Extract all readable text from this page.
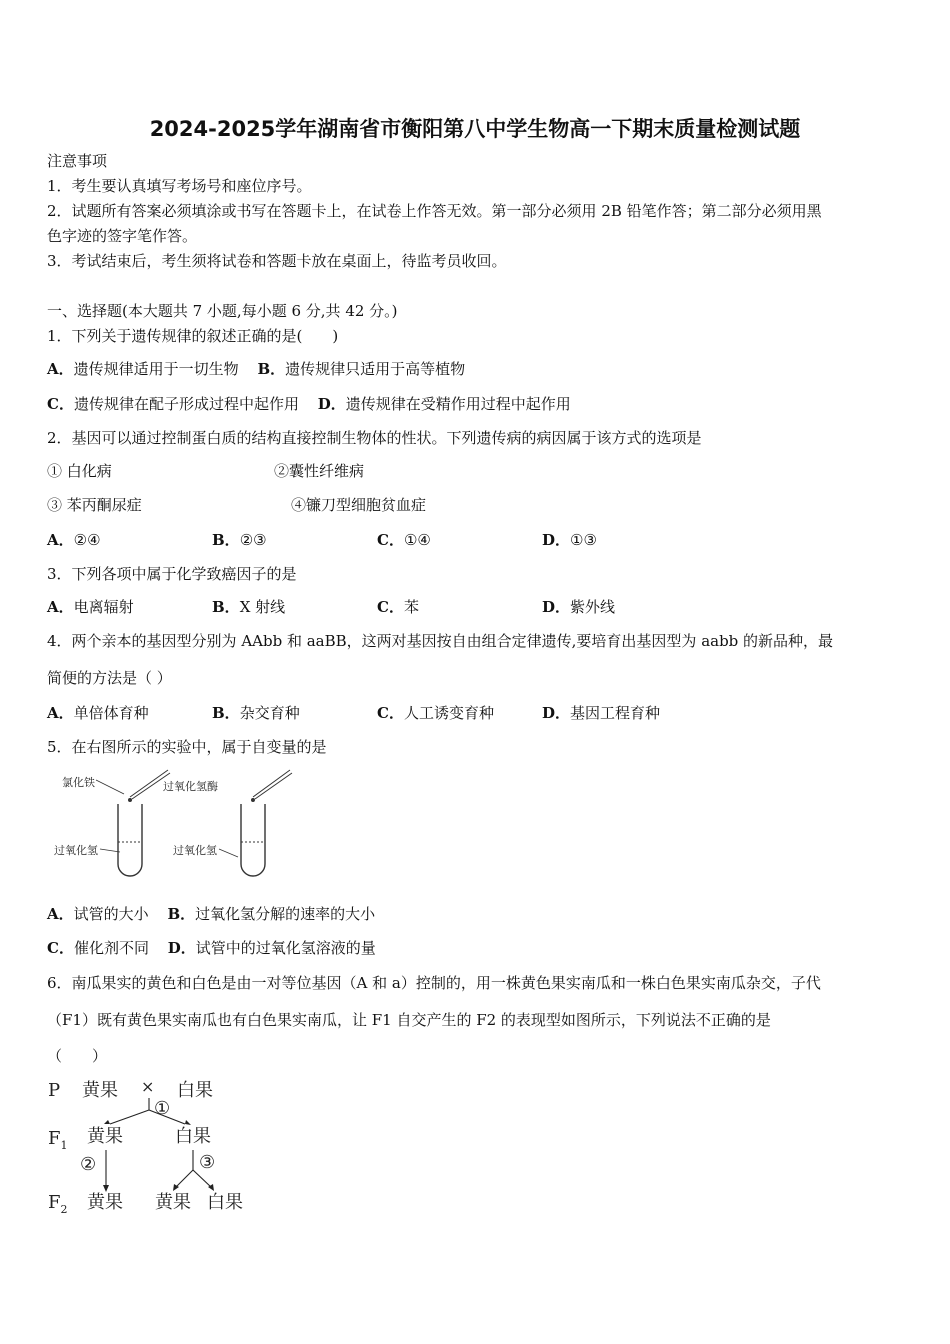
2024-2025学年湖南省市衡阳第八中学生物高一下期末质量检测试题
注意事项
1．考生要认真填写考场号和座位序号。
2．试题所有答案必须填涂或书写在答题卡上，在试卷上作答无效。第一部分必须用 2B 铅笔作答；第二部分必须用黑
色字迹的签字笔作答。
3．考试结束后，考生须将试卷和答题卡放在桌面上，待监考员收回。
一、选择题(本大题共 7 小题,每小题 6 分,共 42 分。)
1．下列关于遗传规律的叙述正确的是(　　)
A．遗传规律适用于一切生物 B．遗传规律只适用于高等植物
C．遗传规律在配子形成过程中起作用 D．遗传规律在受精作用过程中起作用
2．基因可以通过控制蛋白质的结构直接控制生物体的性状。下列遗传病的病因属于该方式的选项是
① 白化病	②囊性纤维病
③ 苯丙酮尿症	④镰刀型细胞贫血症
A．②④	B．②③	C．①④	D．①③
3．下列各项中属于化学致癌因子的是
A．电离辐射	B．X 射线	C．苯	D．紫外线
4．两个亲本的基因型分别为 AAbb 和 aaBB，这两对基因按自由组合定律遗传,要培育出基因型为 aabb 的新品种，最
简便的方法是（ ）
A．单倍体育种	B．杂交育种	C．人工诱变育种	D．基因工程育种
5．在右图所示的实验中，属于自变量的是
氯化铁	过氧化氢酶
过氧化氢	过氧化氢
A．试管的大小 B．过氧化氢分解的速率的大小
C．催化剂不同 D．试管中的过氧化氢溶液的量
6．南瓜果实的黄色和白色是由一对等位基因（A 和 a）控制的，用一株黄色果实南瓜和一株白色果实南瓜杂交，子代
（F1）既有黄色果实南瓜也有白色果实南瓜，让 F1 自交产生的 F2 的表现型如图所示，下列说法不正确的是
（　　）
P 黄果 × 白果
$F_1$ 黄果	白果
$F_2$ 黄果 黄果 白果
①
②	③
